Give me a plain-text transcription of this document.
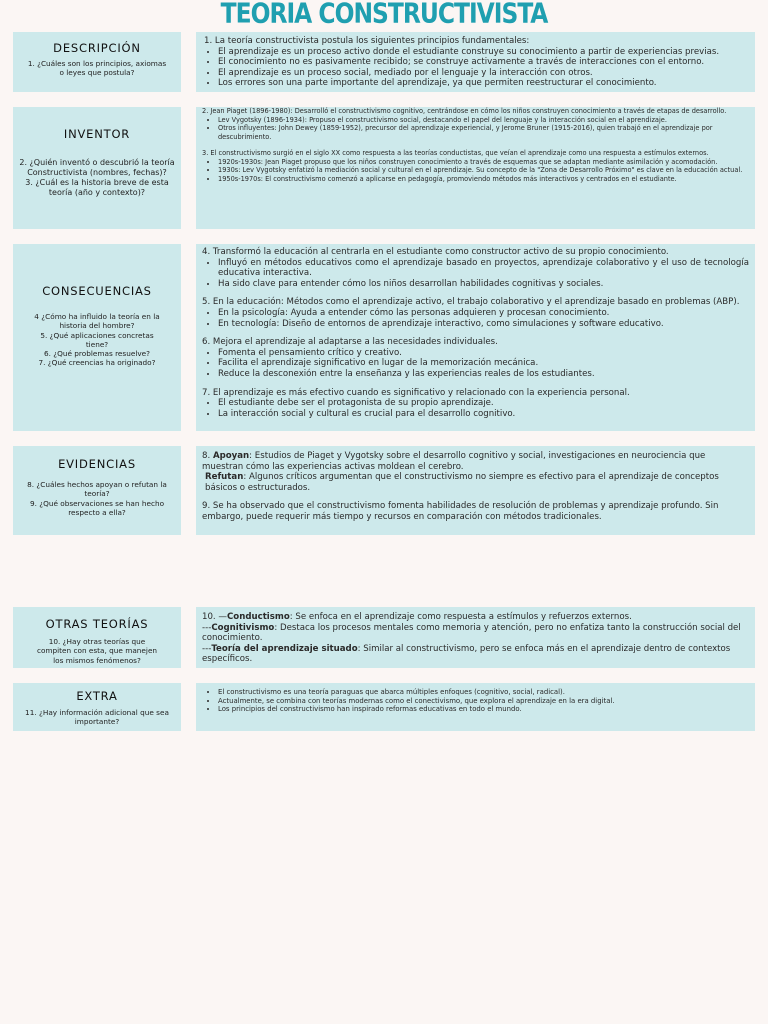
TEORIA CONSTRUCTIVISTA
DESCRIPCIÓN
1. ¿Cuáles son los principios, axiomas o leyes que postula?

1. La teoría constructivista postula los siguientes principios fundamentales:

• El aprendizaje es un proceso activo donde el estudiante construye su conocimiento a partir de experiencias previas.
• El conocimiento no es pasivamente recibido; se construye activamente a través de interacciones con el entorno.
• El aprendizaje es un proceso social, mediado por el lenguaje y la interacción con otros.
• Los errores son una parte importante del aprendizaje, ya que permiten reestructurar el conocimiento.
INVENTOR
2. ¿Quién inventó o descubrió la teoría Constructivista (nombres, fechas)?
3. ¿Cuál es la historia breve de esta teoría (año y contexto)?

2. Jean Piaget (1896-1980): Desarrolló el constructivismo cognitivo, centrándose en cómo los niños construyen conocimiento a través de etapas de desarrollo.

• Lev Vygotsky (1896-1934): Propuso el constructivismo social, destacando el papel del lenguaje y la interacción social en el aprendizaje.
• Otros influyentes: John Dewey (1859-1952), precursor del aprendizaje experiencial, y Jerome Bruner (1915-2016), quien trabajó en el aprendizaje por descubrimiento.

3. El constructivismo surgió en el siglo XX como respuesta a las teorías conductistas, que veían el aprendizaje como una respuesta a estímulos externos.

• 1920s-1930s: Jean Piaget propuso que los niños construyen conocimiento a través de esquemas que se adaptan mediante asimilación y acomodación.
• 1930s: Lev Vygotsky enfatizó la mediación social y cultural en el aprendizaje. Su concepto de la "Zona de Desarrollo Próximo" es clave en la educación actual.
• 1950s-1970s: El constructivismo comenzó a aplicarse en pedagogía, promoviendo métodos más interactivos y centrados en el estudiante.
CONSECUENCIAS
4 ¿Cómo ha influido la teoría en la historia del hombre?
5. ¿Qué aplicaciones concretas tiene?
6. ¿Qué problemas resuelve?
7. ¿Qué creencias ha originado?

4. Transformó la educación al centrarla en el estudiante como constructor activo de su propio conocimiento.

• Influyó en métodos educativos como el aprendizaje basado en proyectos, aprendizaje colaborativo y el uso de tecnología educativa interactiva.
• Ha sido clave para entender cómo los niños desarrollan habilidades cognitivas y sociales.

5. En la educación: Métodos como el aprendizaje activo, el trabajo colaborativo y el aprendizaje basado en problemas (ABP).

• En la psicología: Ayuda a entender cómo las personas adquieren y procesan conocimiento.
• En tecnología: Diseño de entornos de aprendizaje interactivo, como simulaciones y software educativo.

6. Mejora el aprendizaje al adaptarse a las necesidades individuales.

• Fomenta el pensamiento crítico y creativo.
• Facilita el aprendizaje significativo en lugar de la memorización mecánica.
• Reduce la desconexión entre la enseñanza y las experiencias reales de los estudiantes.

7. El aprendizaje es más efectivo cuando es significativo y relacionado con la experiencia personal.

• El estudiante debe ser el protagonista de su propio aprendizaje.
• La interacción social y cultural es crucial para el desarrollo cognitivo.
EVIDENCIAS
8. ¿Cuáles hechos apoyan o refutan la teoría?
9. ¿Qué observaciones se han hecho respecto a ella?

8. Apoyan: Estudios de Piaget y Vygotsky sobre el desarrollo cognitivo y social, investigaciones en neurociencia que muestran cómo las experiencias activas moldean el cerebro.

Refutan: Algunos críticos argumentan que el constructivismo no siempre es efectivo para el aprendizaje de conceptos básicos o estructurados.

9. Se ha observado que el constructivismo fomenta habilidades de resolución de problemas y aprendizaje profundo. Sin embargo, puede requerir más tiempo y recursos en comparación con métodos tradicionales.

OTRAS TEORÍAS
10. ¿Hay otras teorías que compiten con esta, que manejen los mismos fenómenos?

10. —Conductismo: Se enfoca en el aprendizaje como respuesta a estímulos y refuerzos externos.

---Cognitivismo: Destaca los procesos mentales como memoria y atención, pero no enfatiza tanto la construcción social del conocimiento.

---Teoría del aprendizaje situado: Similar al constructivismo, pero se enfoca más en el aprendizaje dentro de contextos específicos.

EXTRA
11. ¿Hay información adicional que sea importante?
• El constructivismo es una teoría paraguas que abarca múltiples enfoques (cognitivo, social, radical).
• Actualmente, se combina con teorías modernas como el conectivismo, que explora el aprendizaje en la era digital.
• Los principios del constructivismo han inspirado reformas educativas en todo el mundo.
